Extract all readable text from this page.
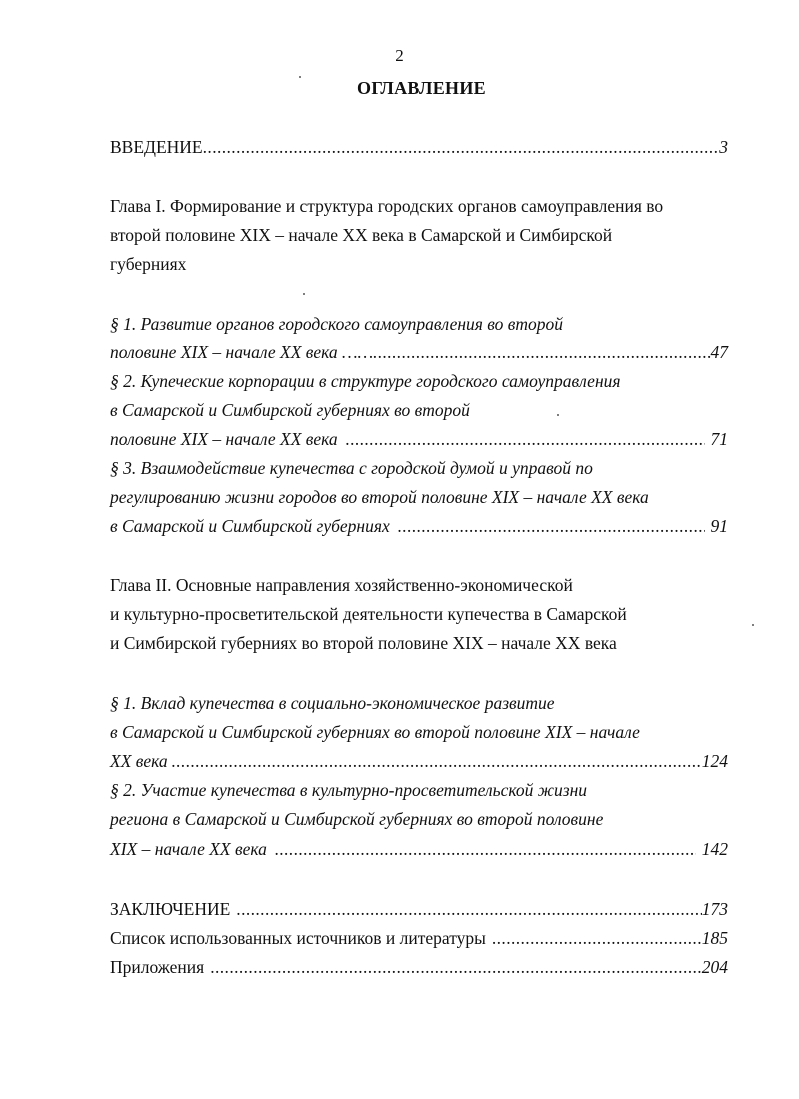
2
ОГЛАВЛЕНИЕ
ВВЕДЕНИЕ .....	3
Глава I. Формирование и структура городских органов самоуправления во
второй половине XIX – начале XX века в Самарской и Симбирской
губерниях
§ 1. Развитие органов городского самоуправления во второй
половине XIX – начале XX века …… .....	47
§ 2. Купеческие корпорации в структуре городского самоуправления
в Самарской и Симбирской губерниях во второй
половине XIX – начале XX века .....	71
§ 3. Взаимодействие купечества с городской думой и управой по
регулированию жизни городов во второй половине XIX – начале XX века
в Самарской и Симбирской губерниях .....	91
Глава II. Основные направления хозяйственно-экономической
и культурно-просветительской деятельности купечества в Самарской
и Симбирской губерниях во второй половине XIX – начале XX века
§ 1. Вклад купечества в социально-экономическое развитие
в Самарской и Симбирской губерниях во второй половине XIX – начале
XX века .....	124
§ 2. Участие купечества в культурно-просветительской жизни
региона в Самарской и Симбирской губерниях во второй половине
XIX – начале XX века .....	142
ЗАКЛЮЧЕНИЕ .....	173
Список использованных источников и литературы .....	185
Приложения .....	204
